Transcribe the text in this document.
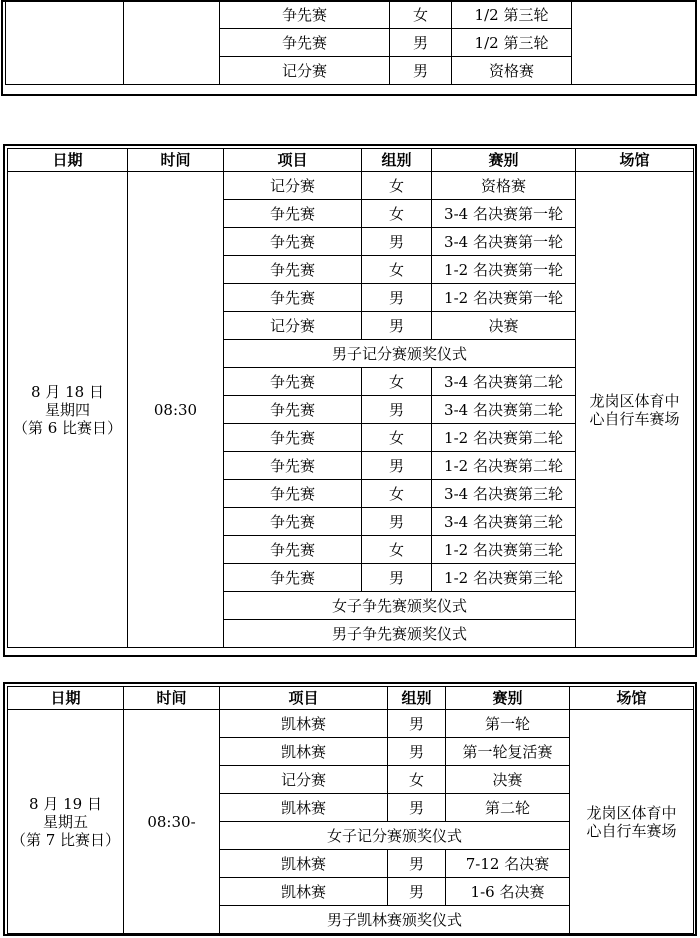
		争先赛	女	1/2 第三轮	
		争先赛	男	1/2 第三轮	
		记分赛	男	资格赛	
日期	时间	项目	组别	赛别	场馆
8 月 18 日
星期四
（第 6 比赛日）	08:30	记分赛	女	资格赛	龙岗区体育中
心自行车赛场
		争先赛	女	3-4 名决赛第一轮	
		争先赛	男	3-4 名决赛第一轮	
		争先赛	女	1-2 名决赛第一轮	
		争先赛	男	1-2 名决赛第一轮	
		记分赛	男	决赛	
		男子记分赛颁奖仪式			
		争先赛	女	3-4 名决赛第二轮	
		争先赛	男	3-4 名决赛第二轮	
		争先赛	女	1-2 名决赛第二轮	
		争先赛	男	1-2 名决赛第二轮	
		争先赛	女	3-4 名决赛第三轮	
		争先赛	男	3-4 名决赛第三轮	
		争先赛	女	1-2 名决赛第三轮	
		争先赛	男	1-2 名决赛第三轮	
		女子争先赛颁奖仪式			
		男子争先赛颁奖仪式			
日期	时间	项目	组别	赛别	场馆
8 月 19 日
星期五
（第 7 比赛日）	08:30-	凯林赛	男	第一轮	龙岗区体育中
心自行车赛场
		凯林赛	男	第一轮复活赛	
		记分赛	女	决赛	
		凯林赛	男	第二轮	
		女子记分赛颁奖仪式			
		凯林赛	男	7-12 名决赛	
		凯林赛	男	1-6 名决赛	
		男子凯林赛颁奖仪式			
